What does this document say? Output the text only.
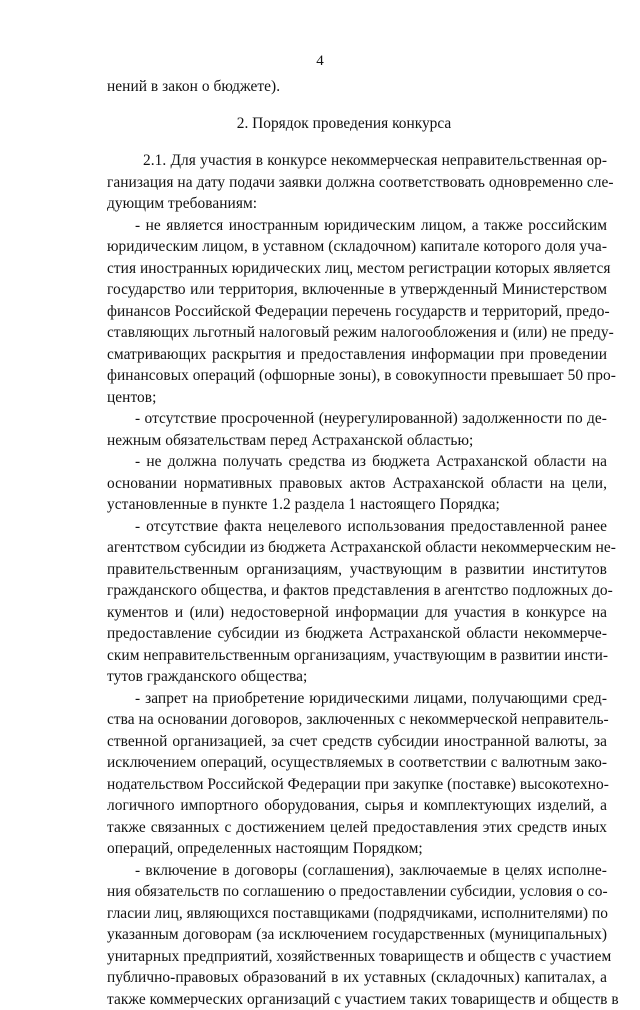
4
нений в закон о бюджете).
2. Порядок проведения конкурса
2.1. Для участия в конкурсе некоммерческая неправительственная ор-
ганизация на дату подачи заявки должна соответствовать одновременно сле-
дующим требованиям:
- не является иностранным юридическим лицом, а также российским
юридическим лицом, в уставном (складочном) капитале которого доля уча-
стия иностранных юридических лиц, местом регистрации которых является
государство или территория, включенные в утвержденный Министерством
финансов Российской Федерации перечень государств и территорий, предо-
ставляющих льготный налоговый режим налогообложения и (или) не преду-
сматривающих раскрытия и предоставления информации при проведении
финансовых операций (офшорные зоны), в совокупности превышает 50 про-
центов;
- отсутствие просроченной (неурегулированной) задолженности по де-
нежным обязательствам перед Астраханской областью;
- не должна получать средства из бюджета Астраханской области на
основании нормативных правовых актов Астраханской области на цели,
установленные в пункте 1.2 раздела 1 настоящего Порядка;
- отсутствие факта нецелевого использования предоставленной ранее
агентством субсидии из бюджета Астраханской области некоммерческим не-
правительственным организациям, участвующим в развитии институтов
гражданского общества, и фактов представления в агентство подложных до-
кументов и (или) недостоверной информации для участия в конкурсе на
предоставление субсидии из бюджета Астраханской области некоммерче-
ским неправительственным организациям, участвующим в развитии инсти-
тутов гражданского общества;
- запрет на приобретение юридическими лицами, получающими сред-
ства на основании договоров, заключенных с некоммерческой неправитель-
ственной организацией, за счет средств субсидии иностранной валюты, за
исключением операций, осуществляемых в соответствии с валютным зако-
нодательством Российской Федерации при закупке (поставке) высокотехно-
логичного импортного оборудования, сырья и комплектующих изделий, а
также связанных с достижением целей предоставления этих средств иных
операций, определенных настоящим Порядком;
- включение в договоры (соглашения), заключаемые в целях исполне-
ния обязательств по соглашению о предоставлении субсидии, условия о со-
гласии лиц, являющихся поставщиками (подрядчиками, исполнителями) по
указанным договорам (за исключением государственных (муниципальных)
унитарных предприятий, хозяйственных товариществ и обществ с участием
публично-правовых образований в их уставных (складочных) капиталах, а
также коммерческих организаций с участием таких товариществ и обществ в
